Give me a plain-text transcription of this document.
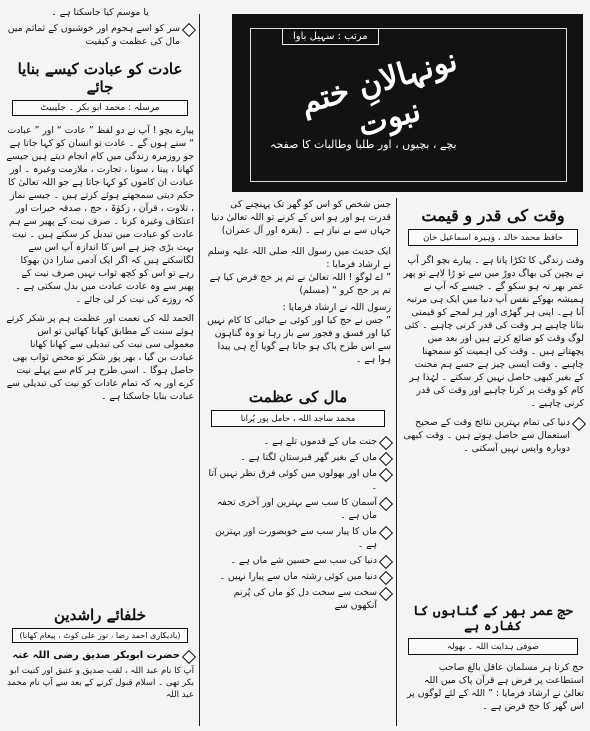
یا موسم کیا جاسکتا ہے ۔

سر کو اسے ہجوم اور خوشبوں کے ثماثم میں مال کی عظمت و کیفیت

عادت کو عبادت کیسے بنایا جائے
مرسلہ : محمد ابو بکر ۔ جلیبیٹ

پیارے بچو ! آپ نے دو لفظ ” عادت “ اور ” عبادت “ سنے ہوں گے ۔ عادت تو انسان کو کہا جاتا ہے جو روزمرہ زندگی میں کام انجام دیتے ہیں جیسے کھانا ، پینا ، سونا ، تجارت ، ملازمت وغیرہ ۔ اور عبادت ان کاموں کو کہا جاتا ہے جو اللہ تعالیٰ کا حکم دیتی سمجھتے ہوئے کرتے ہیں ۔ جیسے نماز ، تلاوت ، قرآن ، زکوٰۃ ، حج ، صدقہ خیرات اور اعتکاف وغیرہ کرنا ۔ صرف نیت کے پھیر سے ہم عادت کو عبادت میں تبدیل کر سکتے ہیں ۔ نیت بہت بڑی چیز ہے اس کا اندازہ آپ اس سے لگاسکتے ہیں کہ اگر ایک آدمی سارا دن بھوکا رہے تو اس کو کچھ ثواب نہیں صرف نیت کے پھیر سے وہ عادت عبادت میں بدل سکتی ہے ۔ کہ روزے کی نیت کر لی جائے ۔

الحمد للہ کی نعمت اور عظمت ہم پر شکر کرتے ہوئے سنت کے مطابق کھانا کھائیں تو اس معمولی سی نیت کی تبدیلی سے کھانا کھانا عبادت بن گیا ، بھر پور شکر تو محض ثواب بھی حاصل ہوگا ۔ اسی طرح ہر کام سے پہلے نیت کرے اور یہ کہ تمام عادات کو نیت کی تبدیلی سے عبادت بنایا جاسکتا ہے ۔

خلفائے راشدین
(یادیکاری احمد رضا ، نور علی کوٹ ، پیغام کھانا)

حضرت ابوبکر صدیق رضی اللہ عنہ

آپ کا نام عبد اللہ ، لقب صدیق و عتیق اور کنیت ابو بکر تھی ۔ اسلام قبول کرنے کے بعد سے آپ نام محمد عبد اللہ

مرتب : سہیل باوا
نونہالانِ ختم نبوت
بچے ، بچیوں ، اور طلبا وطالبات کا صفحہ

جس شخص کو اس کو گھر تک پہنچنے کی قدرت ہو اور ہو اس کے کرنے تو اللہ تعالیٰ دنیا جہاں سے بے نیاز ہے ۔ (بقرہ اور آل عمران)

ایک حدیث میں رسول اللہ صلی اللہ علیہ وسلم نے ارشاد فرمایا :

” اے لوگو ! اللہ تعالیٰ نے تم پر حج فرض کیا ہے تم پر حج کرو “ (مسلم)

رسول اللہ نے ارشاد فرمایا :

” جس نے حج کیا اور کوئی بے حیائی کا کام نہیں کیا اور فسق و فجور سے باز رہا تو وہ گناہوں سے اس طرح پاک ہو جاتا ہے گویا آج ہی پیدا ہوا ہے ۔

مال کی عظمت
محمد ساجد اللہ ، حامل پور پُرانا

جنت ماں کے قدموں تلے ہے ۔

ماں کے بغیر گھر قبرستان لگتا ہے ۔

ماں اور بھولوں میں کوئی فرق نظر نہیں آتا ۔

آسمان کا سب سے بہترین اور آخری تحفہ ماں ہے ۔

ماں کا پیار سب سے خوبصورت اور بہترین ہے ۔

دنیا کی سب سے حسین شے ماں ہے ۔

دنیا میں کوئی رشتہ ماں سے پیارا نہیں ۔

سخت سے سخت دل کو ماں کی پُرنم آنکھوں سے

وقت کی قدر و قیمت
حافظ محمد خالد ، وہیرہ اسماعیل خان

وقت زندگی کا ٹکڑا پانا ہے ۔ پیارے بچو اگر آپ نے بچپن کی بھاگ دوڑ میں سے تو ڑا لاہے تو پھر عمر بھر نہ ہو سکو گے ۔ جیسے کہ آپ نے ہمیشہ بھوکے نفس آپ دنیا میں ایک ہی مرتبہ آنا ہے۔ اپنی ہر گھڑی اور ہر لمحے کو قیمتی بنانا چاہیے ہر وقت کی قدر کرنی چاہیے ۔ کئی لوگ وقت کو ضائع کرتے ہیں اور بعد میں پچھتاتے ہیں ۔ وقت کی اہمیت کو سمجھنا چاہیے ۔ وقت ایسی چیز ہے جسے ہم محنت کے بغیر کبھی حاصل نہیں کر سکتے ۔ لہٰذا ہر کام کو وقت پر کرنا چاہیے اور وقت کی قدر کرنی چاہیے ۔

دنیا کی تمام بہترین نتائج وقت کے صحیح استعمال سے حاصل ہوتے ہیں ۔ وقت کبھی دوبارہ واپس نہیں آسکتی ۔

حج عمر بھر کے گناہوں کا کفارہ ہے
صوفی ہدایت اللہ ۔ بھولہ

حج کرنا ہر مسلمان عاقل بالغ صاحب استطاعت پر فرض ہے قرآن پاک میں اللہ تعالیٰ نے ارشاد فرمایا : ” اللہ کے لئے لوگوں پر اس گھر کا حج فرض ہے ۔
